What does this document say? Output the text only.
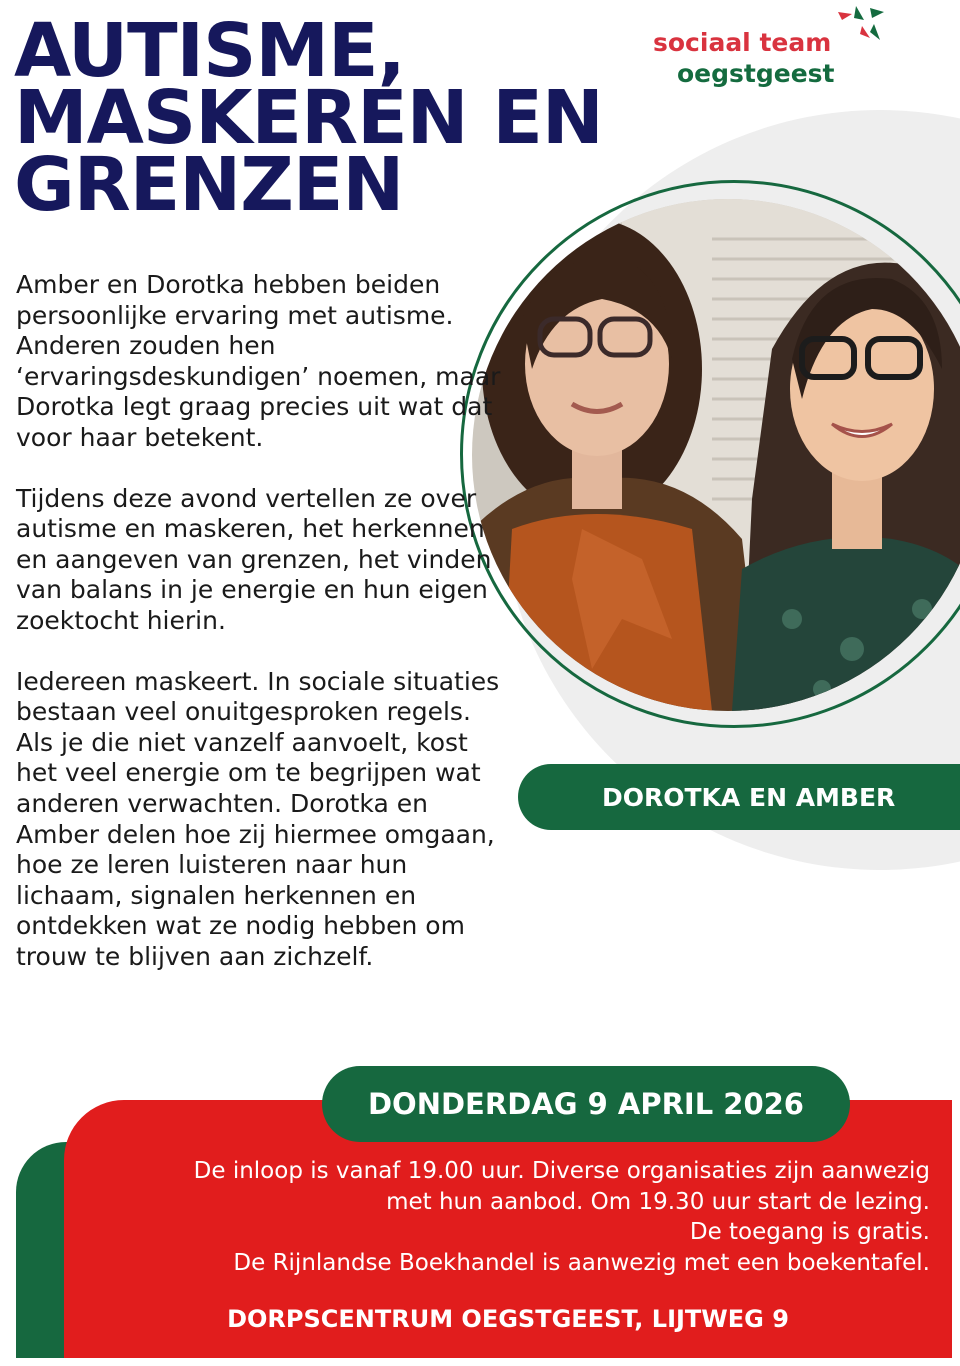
AUTISME,
MASKEREN EN
GRENZEN
sociaal team
oegstgeest

Amber en Dorotka hebben beiden persoonlijke ervaring met autisme. Anderen zouden hen ‘ervaringsdeskundigen’ noemen, maar Dorotka legt graag precies uit wat dat voor haar betekent.

Tijdens deze avond vertellen ze over autisme en maskeren, het herkennen en aangeven van grenzen, het vinden van balans in je energie en hun eigen zoektocht hierin.

Iedereen maskeert. In sociale situaties bestaan veel onuitgesproken regels. Als je die niet vanzelf aanvoelt, kost het veel energie om te begrijpen wat anderen verwachten. Dorotka en Amber delen hoe zij hiermee omgaan, hoe ze leren luisteren naar hun lichaam, signalen herkennen en ontdekken wat ze nodig hebben om trouw te blijven aan zichzelf.

DOROTKA EN AMBER
DONDERDAG 9 APRIL 2026
De inloop is vanaf 19.00 uur. Diverse organisaties zijn aanwezig
met hun aanbod. Om 19.30 uur start de lezing.
De toegang is gratis.
De Rijnlandse Boekhandel is aanwezig met een boekentafel.
DORPSCENTRUM OEGSTGEEST, LIJTWEG 9
